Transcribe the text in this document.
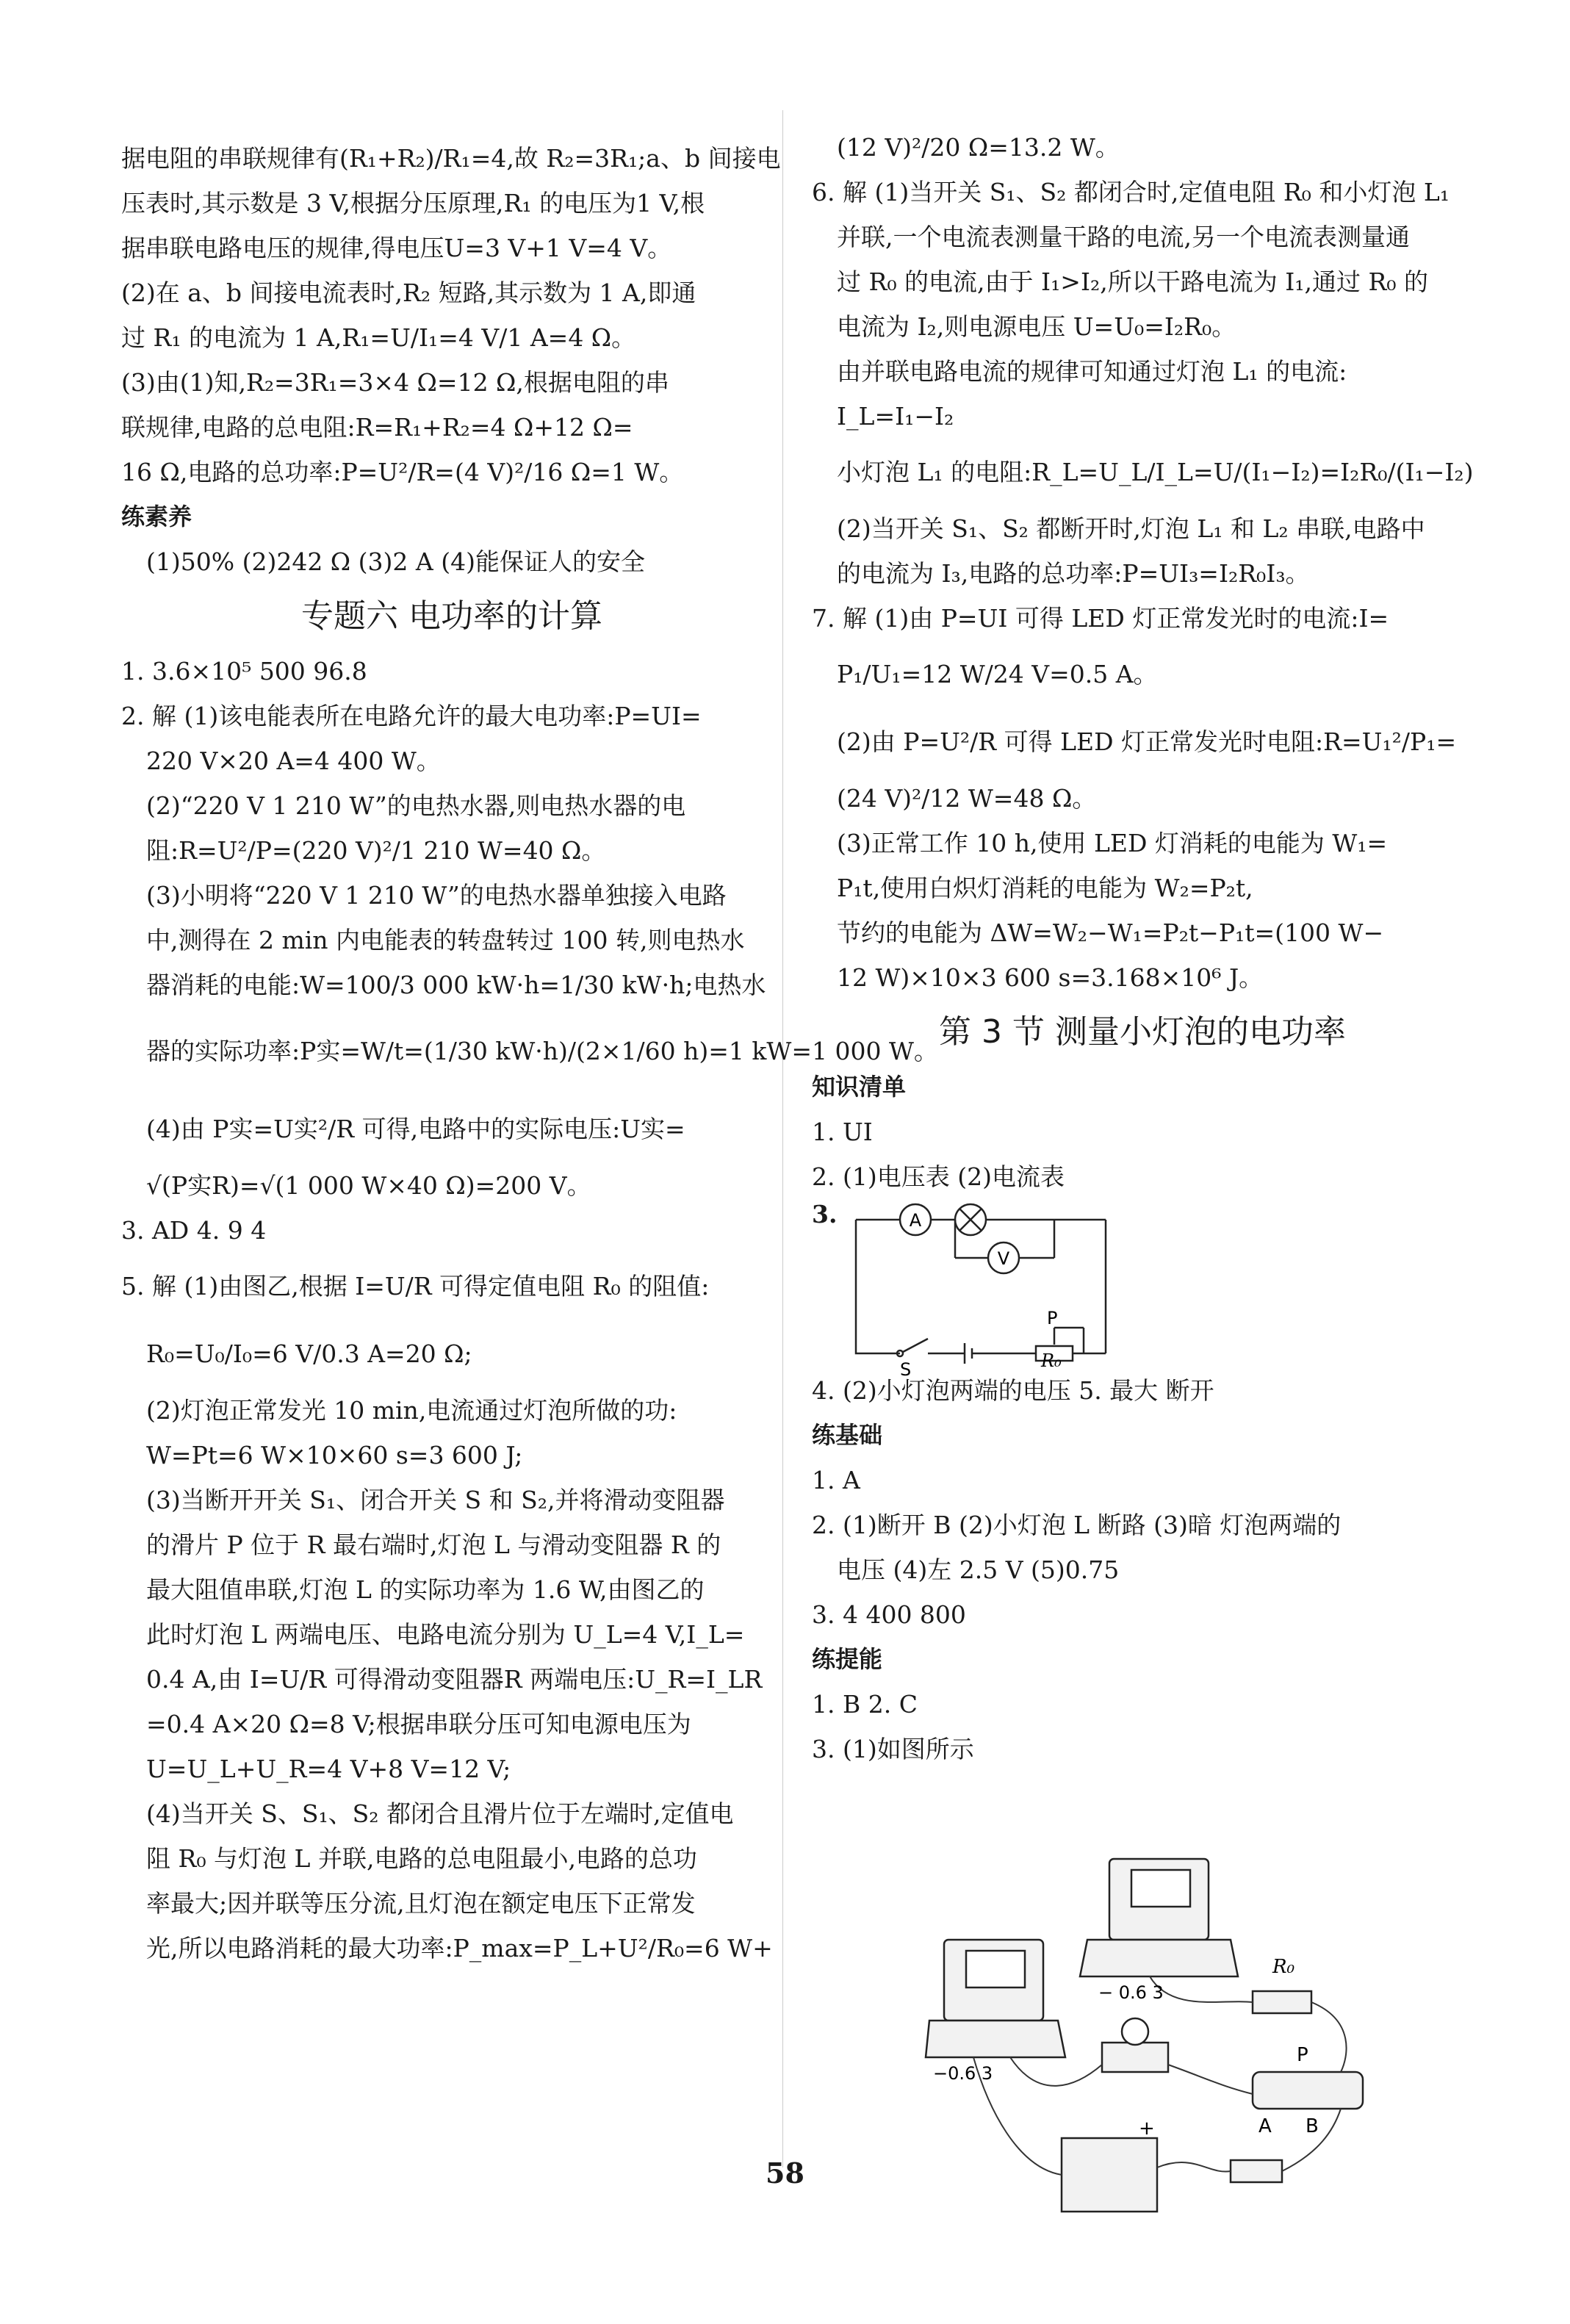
据电阻的串联规律有(R₁+R₂)/R₁=4,故 R₂=3R₁;a、b 间接电
压表时,其示数是 3 V,根据分压原理,R₁ 的电压为1 V,根
据串联电路电压的规律,得电压U=3 V+1 V=4 V。
(2)在 a、b 间接电流表时,R₂ 短路,其示数为 1 A,即通
过 R₁ 的电流为 1 A,R₁=U/I₁=4 V/1 A=4 Ω。
(3)由(1)知,R₂=3R₁=3×4 Ω=12 Ω,根据电阻的串
联规律,电路的总电阻:R=R₁+R₂=4 Ω+12 Ω=
16 Ω,电路的总功率:P=U²/R=(4 V)²/16 Ω=1 W。
练素养
(1)50% (2)242 Ω (3)2 A (4)能保证人的安全
专题六 电功率的计算
1. 3.6×10⁵ 500 96.8
2. 解 (1)该电能表所在电路允许的最大电功率:P=UI=
220 V×20 A=4 400 W。
(2)“220 V 1 210 W”的电热水器,则电热水器的电
阻:R=U²/P=(220 V)²/1 210 W=40 Ω。
(3)小明将“220 V 1 210 W”的电热水器单独接入电路
中,测得在 2 min 内电能表的转盘转过 100 转,则电热水
器消耗的电能:W=100/3 000 kW·h=1/30 kW·h;电热水
器的实际功率:P实=W/t=(1/30 kW·h)/(2×1/60 h)=1 kW=1 000 W。
(4)由 P实=U实²/R 可得,电路中的实际电压:U实=
√(P实R)=√(1 000 W×40 Ω)=200 V。
3. AD 4. 9 4
5. 解 (1)由图乙,根据 I=U/R 可得定值电阻 R₀ 的阻值:
R₀=U₀/I₀=6 V/0.3 A=20 Ω;
(2)灯泡正常发光 10 min,电流通过灯泡所做的功:
W=Pt=6 W×10×60 s=3 600 J;
(3)当断开开关 S₁、闭合开关 S 和 S₂,并将滑动变阻器
的滑片 P 位于 R 最右端时,灯泡 L 与滑动变阻器 R 的
最大阻值串联,灯泡 L 的实际功率为 1.6 W,由图乙的
此时灯泡 L 两端电压、电路电流分别为 U_L=4 V,I_L=
0.4 A,由 I=U/R 可得滑动变阻器R 两端电压:U_R=I_LR
=0.4 A×20 Ω=8 V;根据串联分压可知电源电压为
U=U_L+U_R=4 V+8 V=12 V;
(4)当开关 S、S₁、S₂ 都闭合且滑片位于左端时,定值电
阻 R₀ 与灯泡 L 并联,电路的总电阻最小,电路的总功
率最大;因并联等压分流,且灯泡在额定电压下正常发
光,所以电路消耗的最大功率:P_max=P_L+U²/R₀=6 W+
(12 V)²/20 Ω=13.2 W。
6. 解 (1)当开关 S₁、S₂ 都闭合时,定值电阻 R₀ 和小灯泡 L₁
并联,一个电流表测量干路的电流,另一个电流表测量通
过 R₀ 的电流,由于 I₁>I₂,所以干路电流为 I₁,通过 R₀ 的
电流为 I₂,则电源电压 U=U₀=I₂R₀。
由并联电路电流的规律可知通过灯泡 L₁ 的电流:
I_L=I₁−I₂
小灯泡 L₁ 的电阻:R_L=U_L/I_L=U/(I₁−I₂)=I₂R₀/(I₁−I₂)
(2)当开关 S₁、S₂ 都断开时,灯泡 L₁ 和 L₂ 串联,电路中
的电流为 I₃,电路的总功率:P=UI₃=I₂R₀I₃。
7. 解 (1)由 P=UI 可得 LED 灯正常发光时的电流:I=
P₁/U₁=12 W/24 V=0.5 A。
(2)由 P=U²/R 可得 LED 灯正常发光时电阻:R=U₁²/P₁=
(24 V)²/12 W=48 Ω。
(3)正常工作 10 h,使用 LED 灯消耗的电能为 W₁=
P₁t,使用白炽灯消耗的电能为 W₂=P₂t,
节约的电能为 ΔW=W₂−W₁=P₂t−P₁t=(100 W−
12 W)×10×3 600 s=3.168×10⁶ J。
第 3 节 测量小灯泡的电功率
知识清单
1. UI
2. (1)电压表 (2)电流表
3.	A
V
S
P
R₀
4. (2)小灯泡两端的电压 5. 最大 断开
练基础
1. A
2. (1)断开 B (2)小灯泡 L 断路 (3)暗 灯泡两端的
电压 (4)左 2.5 V (5)0.75
3. 4 400 800
练提能
1. B 2. C
3. (1)如图所示
R₀
P
A B
− 0.6 3
−0.6 3
+
58
